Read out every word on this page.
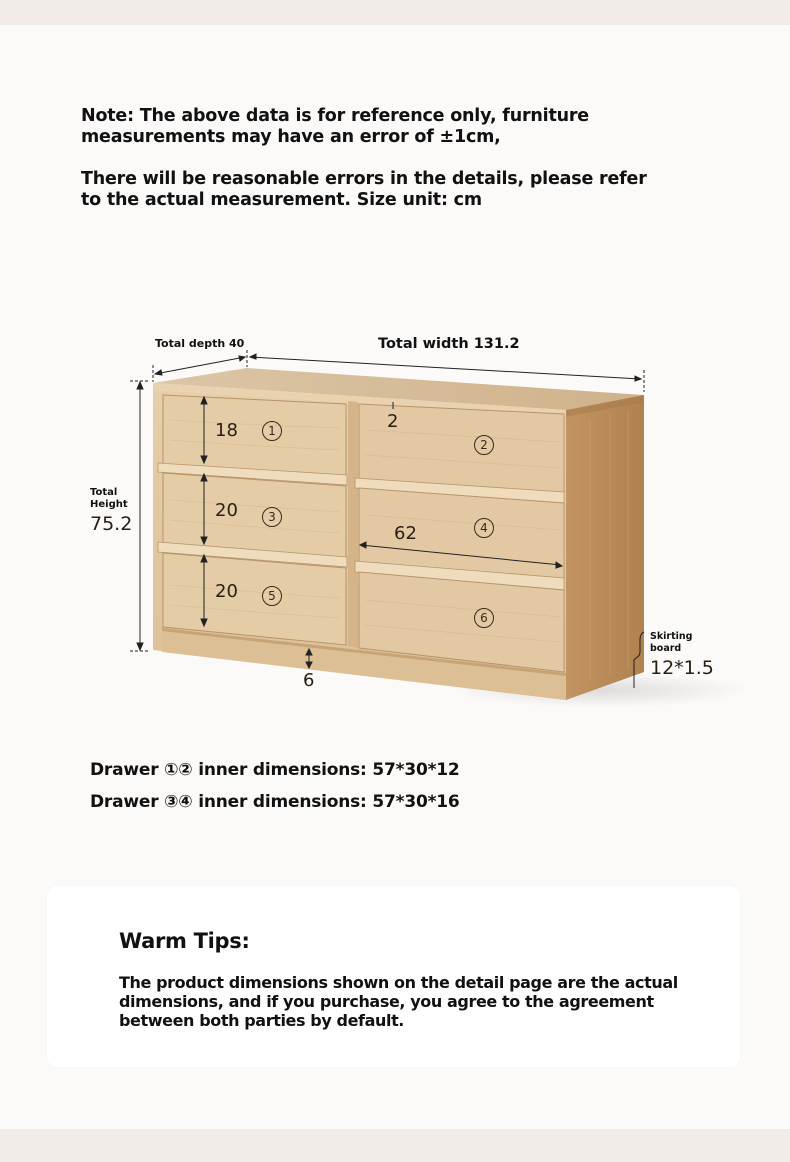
Note: The above data is for reference only, furniture measurements may have an error of ±1cm,
There will be reasonable errors in the details, please refer to the actual measurement. Size unit: cm
Total depth 40	Total width 131.2
Total
Height
75.2
18
20
20
2
62
6
1
2
3
4
5
6
Skirting
board
12*1.5
Drawer ①② inner dimensions: 57*30*12
Drawer ③④ inner dimensions: 57*30*16
Warm Tips:
The product dimensions shown on the detail page are the actual dimensions, and if you purchase, you agree to the agreement between both parties by default.
